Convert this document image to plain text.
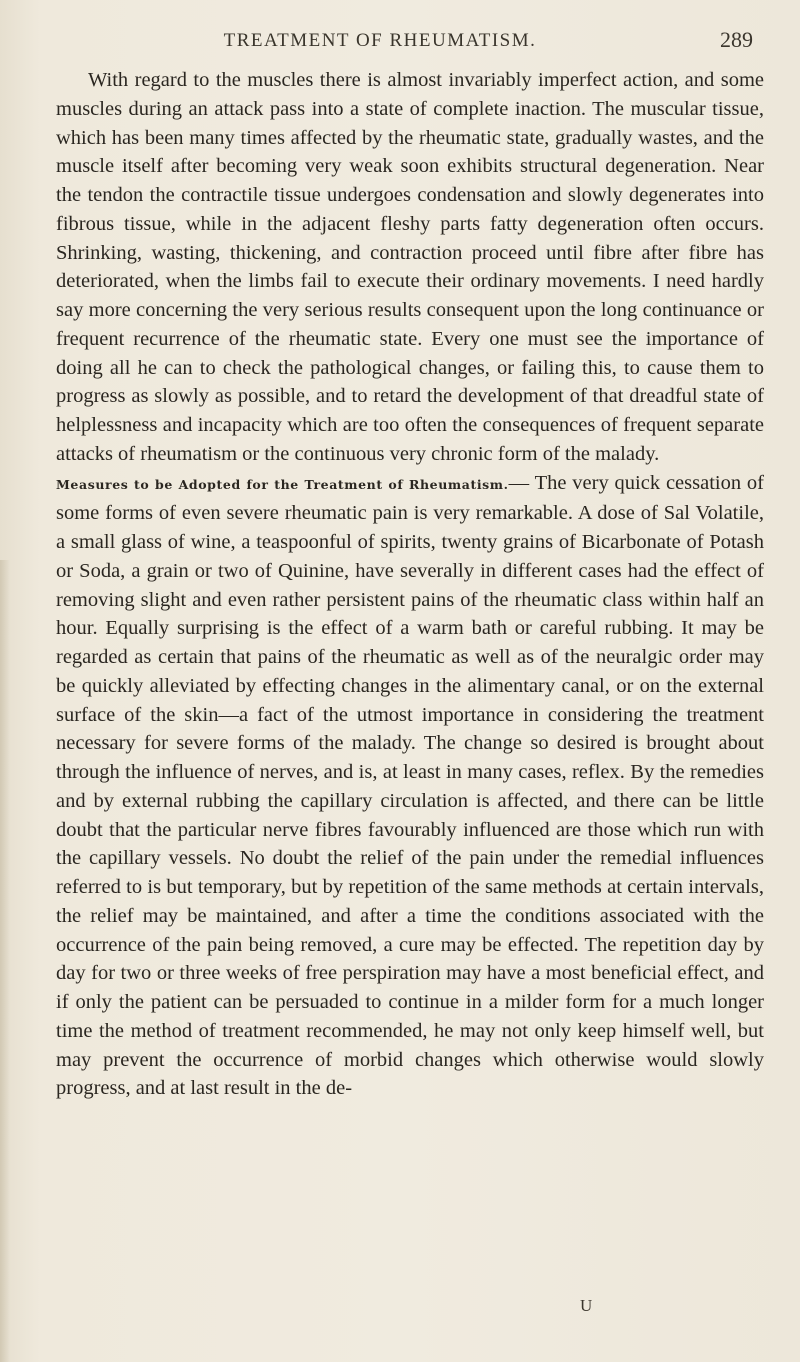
TREATMENT OF RHEUMATISM.	289

With regard to the muscles there is almost invariably imperfect action, and some muscles during an attack pass into a state of complete inaction. The muscular tissue, which has been many times affected by the rheumatic state, gradually wastes, and the muscle itself after becoming very weak soon exhibits structural degeneration. Near the tendon the contractile tissue undergoes condensation and slowly degenerates into fibrous tissue, while in the adjacent fleshy parts fatty degeneration often occurs. Shrinking, wasting, thickening, and contraction proceed until fibre after fibre has deteriorated, when the limbs fail to execute their ordinary movements. I need hardly say more concerning the very serious results consequent upon the long continuance or frequent recurrence of the rheumatic state. Every one must see the importance of doing all he can to check the pathological changes, or failing this, to cause them to progress as slowly as possible, and to retard the development of that dreadful state of helplessness and incapacity which are too often the consequences of frequent separate attacks of rheumatism or the continuous very chronic form of the malady.

Measures to be Adopted for the Treatment of Rheumatism.— The very quick cessation of some forms of even severe rheumatic pain is very remarkable. A dose of Sal Volatile, a small glass of wine, a teaspoonful of spirits, twenty grains of Bicarbonate of Potash or Soda, a grain or two of Quinine, have severally in different cases had the effect of removing slight and even rather persistent pains of the rheumatic class within half an hour. Equally surprising is the effect of a warm bath or careful rubbing. It may be regarded as certain that pains of the rheumatic as well as of the neuralgic order may be quickly alleviated by effecting changes in the alimentary canal, or on the external surface of the skin—a fact of the utmost importance in considering the treatment necessary for severe forms of the malady. The change so desired is brought about through the influence of nerves, and is, at least in many cases, reflex. By the remedies and by external rubbing the capillary circulation is affected, and there can be little doubt that the particular nerve fibres favourably influenced are those which run with the capillary vessels. No doubt the relief of the pain under the remedial influences referred to is but temporary, but by repetition of the same methods at certain intervals, the relief may be maintained, and after a time the conditions associated with the occurrence of the pain being removed, a cure may be effected. The repetition day by day for two or three weeks of free perspiration may have a most beneficial effect, and if only the patient can be persuaded to continue in a milder form for a much longer time the method of treatment recommended, he may not only keep himself well, but may prevent the occurrence of morbid changes which otherwise would slowly progress, and at last result in the de-

U
